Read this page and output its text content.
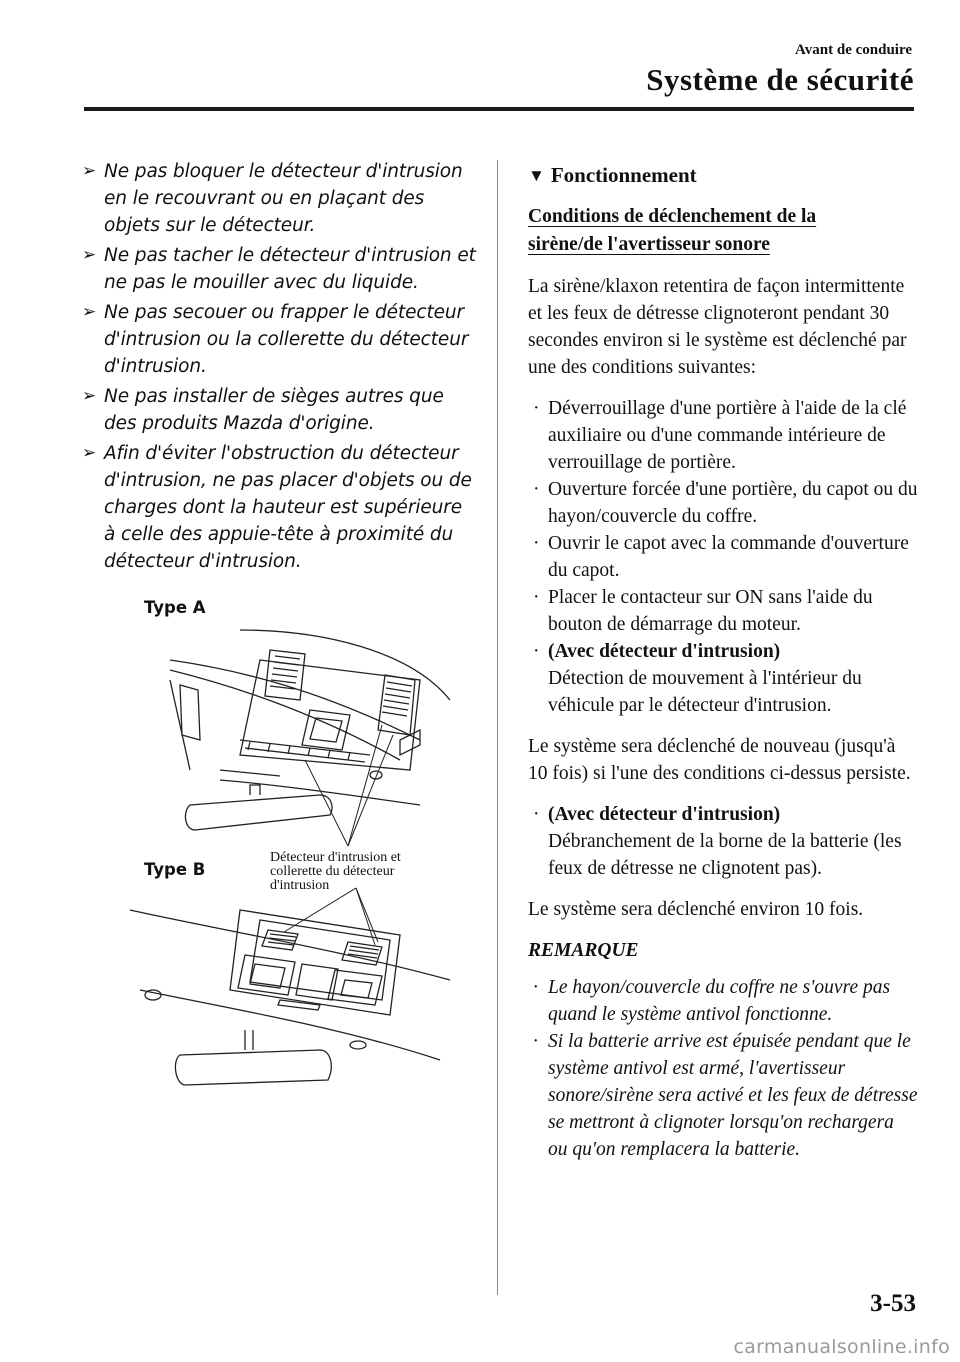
Avant de conduire
Système de sécurité
➢ Ne pas bloquer le détecteur d'intrusion en le recouvrant ou en plaçant des objets sur le détecteur.
➢ Ne pas tacher le détecteur d'intrusion et ne pas le mouiller avec du liquide.
➢ Ne pas secouer ou frapper le détecteur d'intrusion ou la collerette du détecteur d'intrusion.
➢ Ne pas installer de sièges autres que des produits Mazda d'origine.
➢ Afin d'éviter l'obstruction du détecteur d'intrusion, ne pas placer d'objets ou de charges dont la hauteur est supérieure à celle des appuie-tête à proximité du détecteur d'intrusion.
Type A
Type B
Détecteur d'intrusion et
collerette du détecteur
d'intrusion
▼ Fonctionnement
Conditions de déclenchement de la
sirène/de l'avertisseur sonore
La sirène/klaxon retentira de façon intermittente et les feux de détresse clignoteront pendant 30 secondes environ si le système est déclenché par une des conditions suivantes:
· Déverrouillage d'une portière à l'aide de la clé auxiliaire ou d'une commande intérieure de verrouillage de portière.
· Ouverture forcée d'une portière, du capot ou du hayon/couvercle du coffre.
· Ouvrir le capot avec la commande d'ouverture du capot.
· Placer le contacteur sur ON sans l'aide du bouton de démarrage du moteur.
· (Avec détecteur d'intrusion)
Détection de mouvement à l'intérieur du véhicule par le détecteur d'intrusion.
Le système sera déclenché de nouveau (jusqu'à 10 fois) si l'une des conditions ci-dessus persiste.
· (Avec détecteur d'intrusion)
Débranchement de la borne de la batterie (les feux de détresse ne clignotent pas).
Le système sera déclenché environ 10 fois.
REMARQUE
· Le hayon/couvercle du coffre ne s'ouvre pas quand le système antivol fonctionne.
· Si la batterie arrive est épuisée pendant que le système antivol est armé, l'avertisseur sonore/sirène sera activé et les feux de détresse se mettront à clignoter lorsqu'on rechargera ou qu'on remplacera la batterie.
3-53
carmanualsonline.info
